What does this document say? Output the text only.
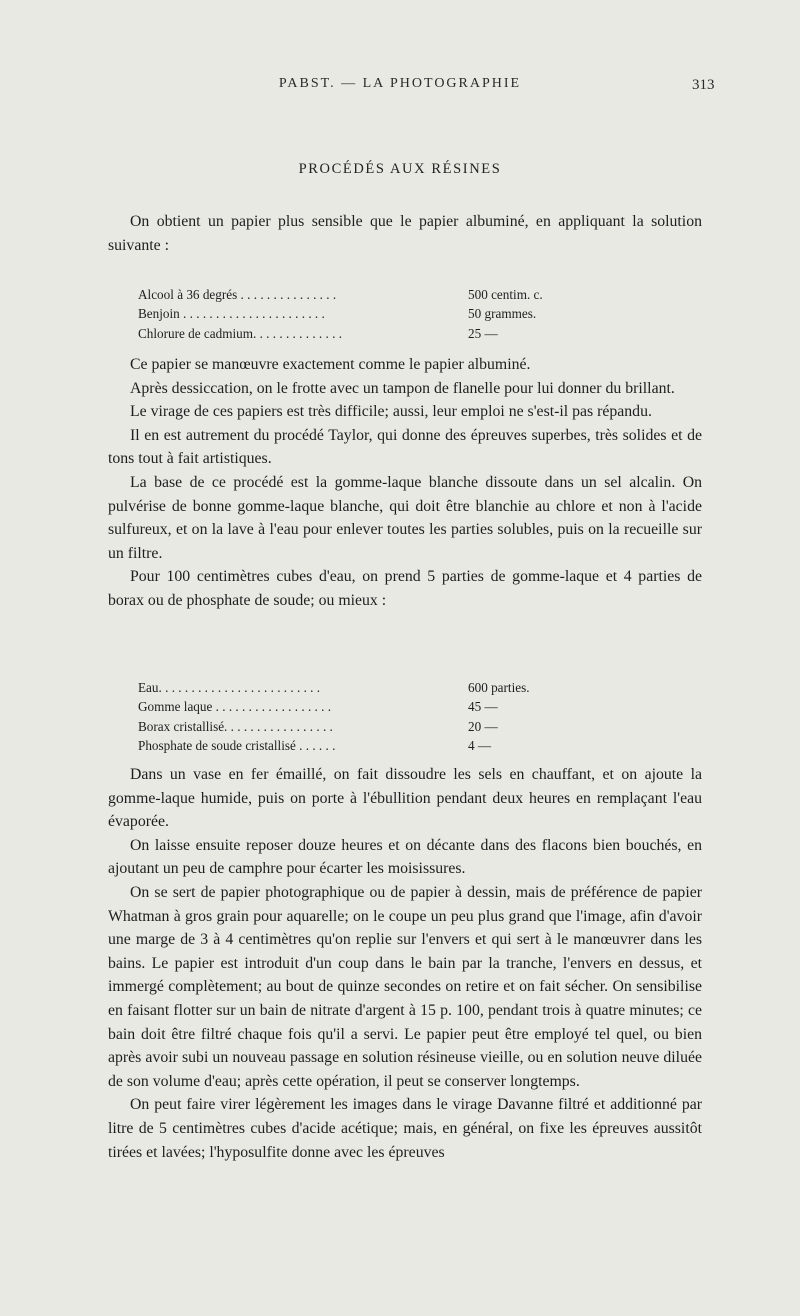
PABST. — LA PHOTOGRAPHIE	313
PROCÉDÉS AUX RÉSINES

On obtient un papier plus sensible que le papier albuminé, en appliquant la solution suivante :

Alcool à 36 degrés . . . . . . . . . . . . . . .	500 centim. c.
Benjoin . . . . . . . . . . . . . . . . . . . . . .	50 grammes.
Chlorure de cadmium. . . . . . . . . . . . . .	25 —

Ce papier se manœuvre exactement comme le papier albuminé.

Après dessiccation, on le frotte avec un tampon de flanelle pour lui donner du brillant.

Le virage de ces papiers est très difficile; aussi, leur emploi ne s'est-il pas répandu.

Il en est autrement du procédé Taylor, qui donne des épreuves superbes, très solides et de tons tout à fait artistiques.

La base de ce procédé est la gomme-laque blanche dissoute dans un sel alcalin. On pulvérise de bonne gomme-laque blanche, qui doit être blanchie au chlore et non à l'acide sulfureux, et on la lave à l'eau pour enlever toutes les parties solubles, puis on la recueille sur un filtre.

Pour 100 centimètres cubes d'eau, on prend 5 parties de gomme-laque et 4 parties de borax ou de phosphate de soude; ou mieux :

Eau. . . . . . . . . . . . . . . . . . . . . . . . .	600 parties.
Gomme laque . . . . . . . . . . . . . . . . . .	45 —
Borax cristallisé. . . . . . . . . . . . . . . . .	20 —
Phosphate de soude cristallisé . . . . . .	4 —

Dans un vase en fer émaillé, on fait dissoudre les sels en chauffant, et on ajoute la gomme-laque humide, puis on porte à l'ébullition pendant deux heures en remplaçant l'eau évaporée.

On laisse ensuite reposer douze heures et on décante dans des flacons bien bouchés, en ajoutant un peu de camphre pour écarter les moisissures.

On se sert de papier photographique ou de papier à dessin, mais de préférence de papier Whatman à gros grain pour aquarelle; on le coupe un peu plus grand que l'image, afin d'avoir une marge de 3 à 4 centimètres qu'on replie sur l'envers et qui sert à le manœuvrer dans les bains. Le papier est introduit d'un coup dans le bain par la tranche, l'envers en dessus, et immergé complètement; au bout de quinze secondes on retire et on fait sécher. On sensibilise en faisant flotter sur un bain de nitrate d'argent à 15 p. 100, pendant trois à quatre minutes; ce bain doit être filtré chaque fois qu'il a servi. Le papier peut être employé tel quel, ou bien après avoir subi un nouveau passage en solution résineuse vieille, ou en solution neuve diluée de son volume d'eau; après cette opération, il peut se conserver longtemps.

On peut faire virer légèrement les images dans le virage Davanne filtré et additionné par litre de 5 centimètres cubes d'acide acétique; mais, en général, on fixe les épreuves aussitôt tirées et lavées; l'hyposulfite donne avec les épreuves
